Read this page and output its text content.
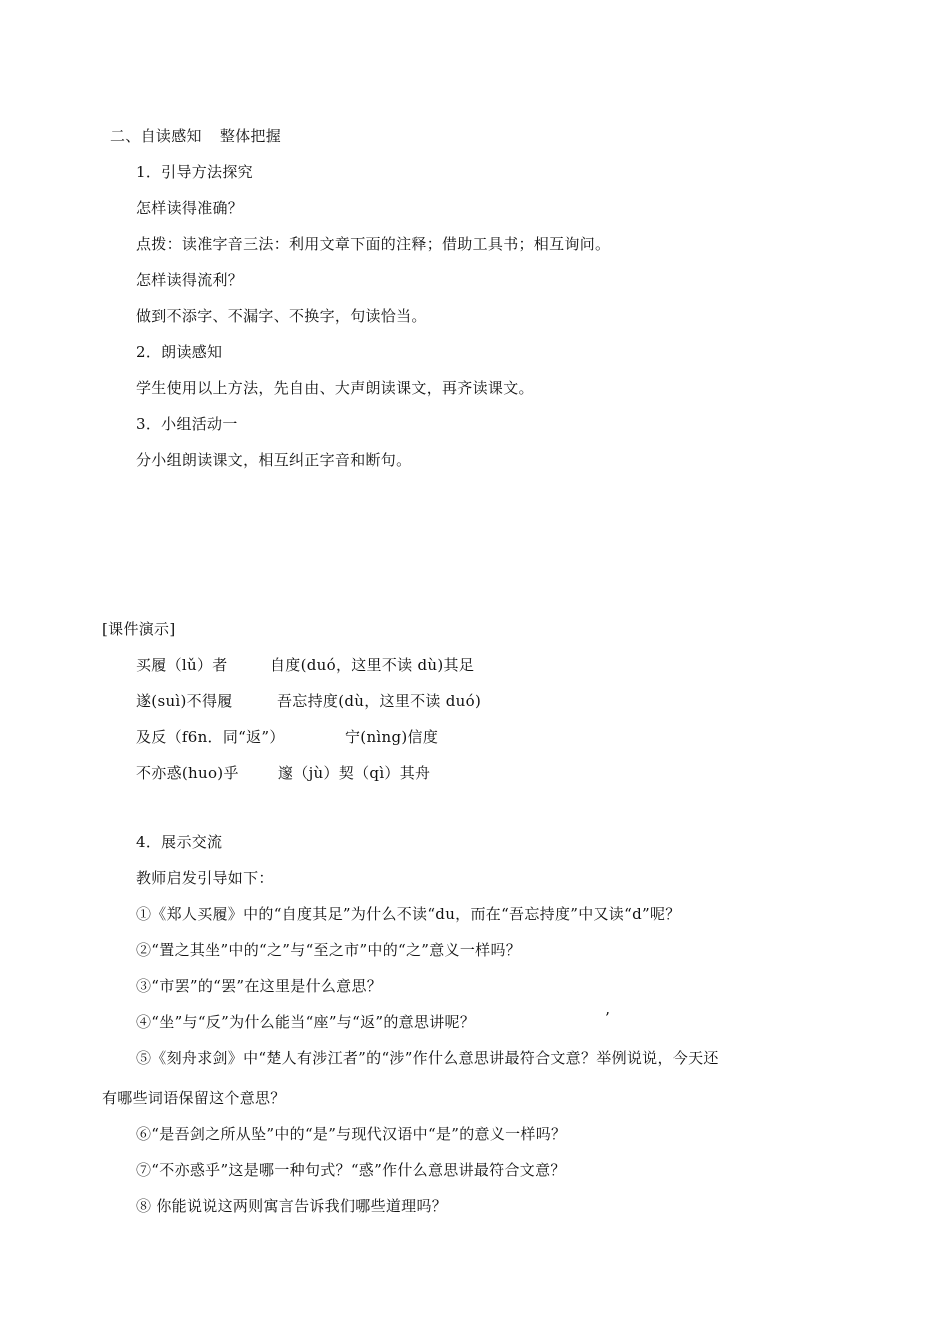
二、自读感知 整体把握
1．引导方法探究
怎样读得准确？
点拨：读准字音三法：利用文章下面的注释；借助工具书；相互询问。
怎样读得流利？
做到不添字、不漏字、不换字，句读恰当。
2．朗读感知
学生使用以上方法，先自由、大声朗读课文，再齐读课文。
3．小组活动一
分小组朗读课文，相互纠正字音和断句。
[课件演示]
买履（lǔ）者	自度(duó，这里不读 dù)其足
遂(suì)不得履	吾忘持度(dù，这里不读 duó)
及反（f6n．同“返”）	宁(nìng)信度
不亦惑(huo)乎	邃（jù）契（qì）其舟
4．展示交流
教师启发引导如下：
①《郑人买履》中的“自度其足”为什么不读“du，而在“吾忘持度”中又读“d”呢？
②“置之其坐”中的“之”与“至之市”中的“之”意义一样吗？
③“市罢”的“罢”在这里是什么意思？
④“坐”与“反”为什么能当“座”与“返”的意思讲呢？	’
⑤《刻舟求剑》中“楚人有涉江者”的“涉”作什么意思讲最符合文意？举例说说，今天还
有哪些词语保留这个意思？
⑥“是吾剑之所从坠”中的“是”与现代汉语中“是”的意义一样吗？
⑦“不亦惑乎”这是哪一种句式？“惑”作什么意思讲最符合文意？
⑧ 你能说说这两则寓言告诉我们哪些道理吗？
